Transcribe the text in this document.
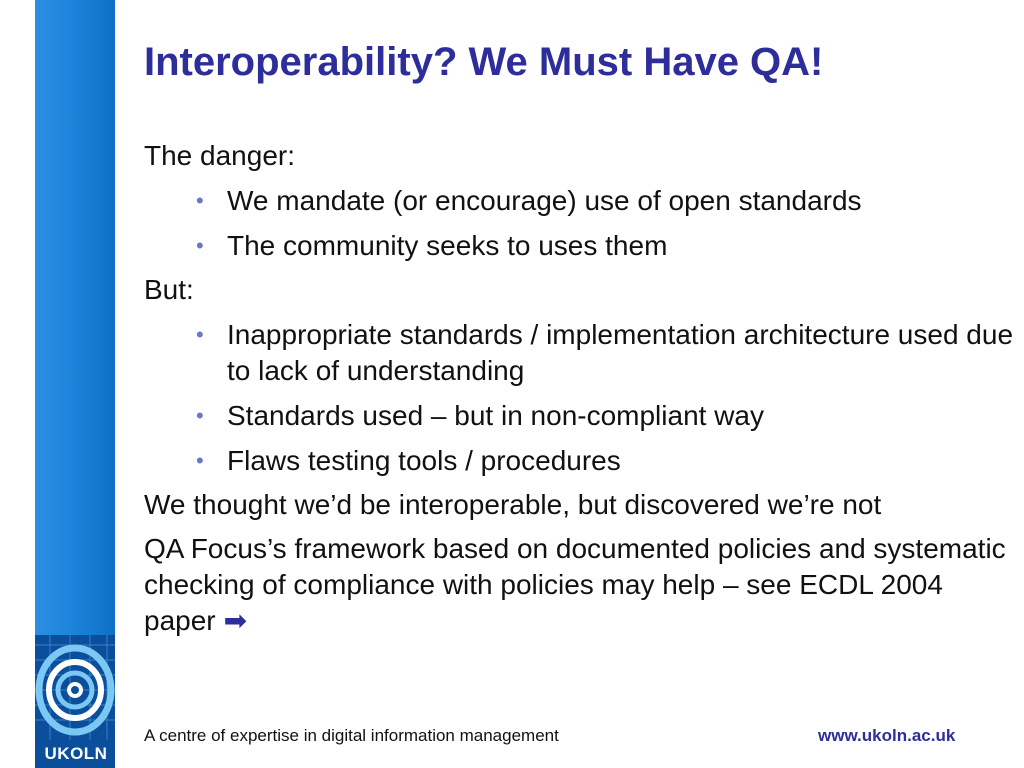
UKOLN
Interoperability? We Must Have QA!

The danger:

• We mandate (or encourage) use of open standards

• The community seeks to uses them

But:

• Inappropriate standards / implementation architecture used due to lack of understanding

• Standards used – but in non-compliant way

• Flaws testing tools / procedures

We thought we’d be interoperable, but discovered we’re not

QA Focus’s framework based on documented policies and systematic checking of compliance with policies may help – see ECDL 2004 paper ➡

A centre of expertise in digital information management	www.ukoln.ac.uk
